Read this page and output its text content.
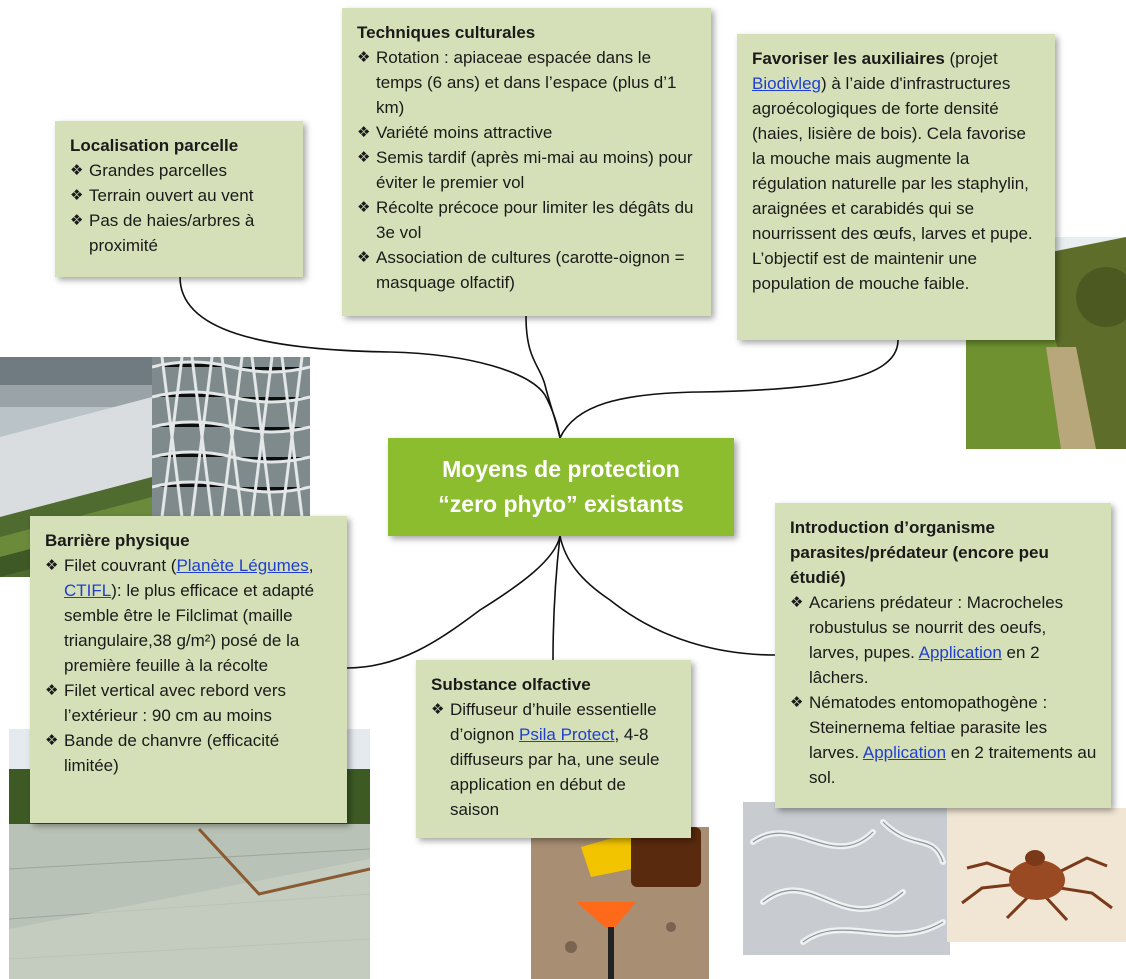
Moyens de protection
“zero phyto” existants
Localisation parcelle
❖ Grandes parcelles
❖ Terrain ouvert au vent
❖ Pas de haies/arbres à proximité
Techniques culturales
❖ Rotation : apiaceae espacée dans le temps (6 ans) et dans l’espace (plus d’1 km)
❖ Variété moins attractive
❖ Semis tardif (après mi-mai au moins) pour éviter le premier vol
❖ Récolte précoce pour limiter les dégâts du 3e vol
❖ Association de cultures (carotte-oignon = masquage olfactif)
Favoriser les auxiliaires (projet Biodivleg) à l’aide d'infrastructures agroécologiques de forte densité (haies, lisière de bois). Cela favorise la mouche mais augmente la régulation naturelle par les staphylin, araignées et carabidés qui se nourrissent des œufs, larves et pupe. L’objectif est de maintenir une population de mouche faible.
Barrière physique
❖ Filet couvrant (Planète Légumes, CTIFL): le plus efficace et adapté semble être le Filclimat (maille triangulaire,38 g/m²) posé de la première feuille à la récolte
❖ Filet vertical avec rebord vers l’extérieur : 90 cm au moins
❖ Bande de chanvre (efficacité limitée)
Substance olfactive
❖ Diffuseur d’huile essentielle d’oignon Psila Protect, 4-8 diffuseurs par ha, une seule application en début de saison
Introduction d’organisme parasites/prédateur (encore peu étudié)
❖ Acariens prédateur : Macrocheles robustulus se nourrit des oeufs, larves, pupes. Application en 2 lâchers.
❖ Nématodes entomopathogène : Steinernema feltiae parasite les larves. Application en 2 traitements au sol.
